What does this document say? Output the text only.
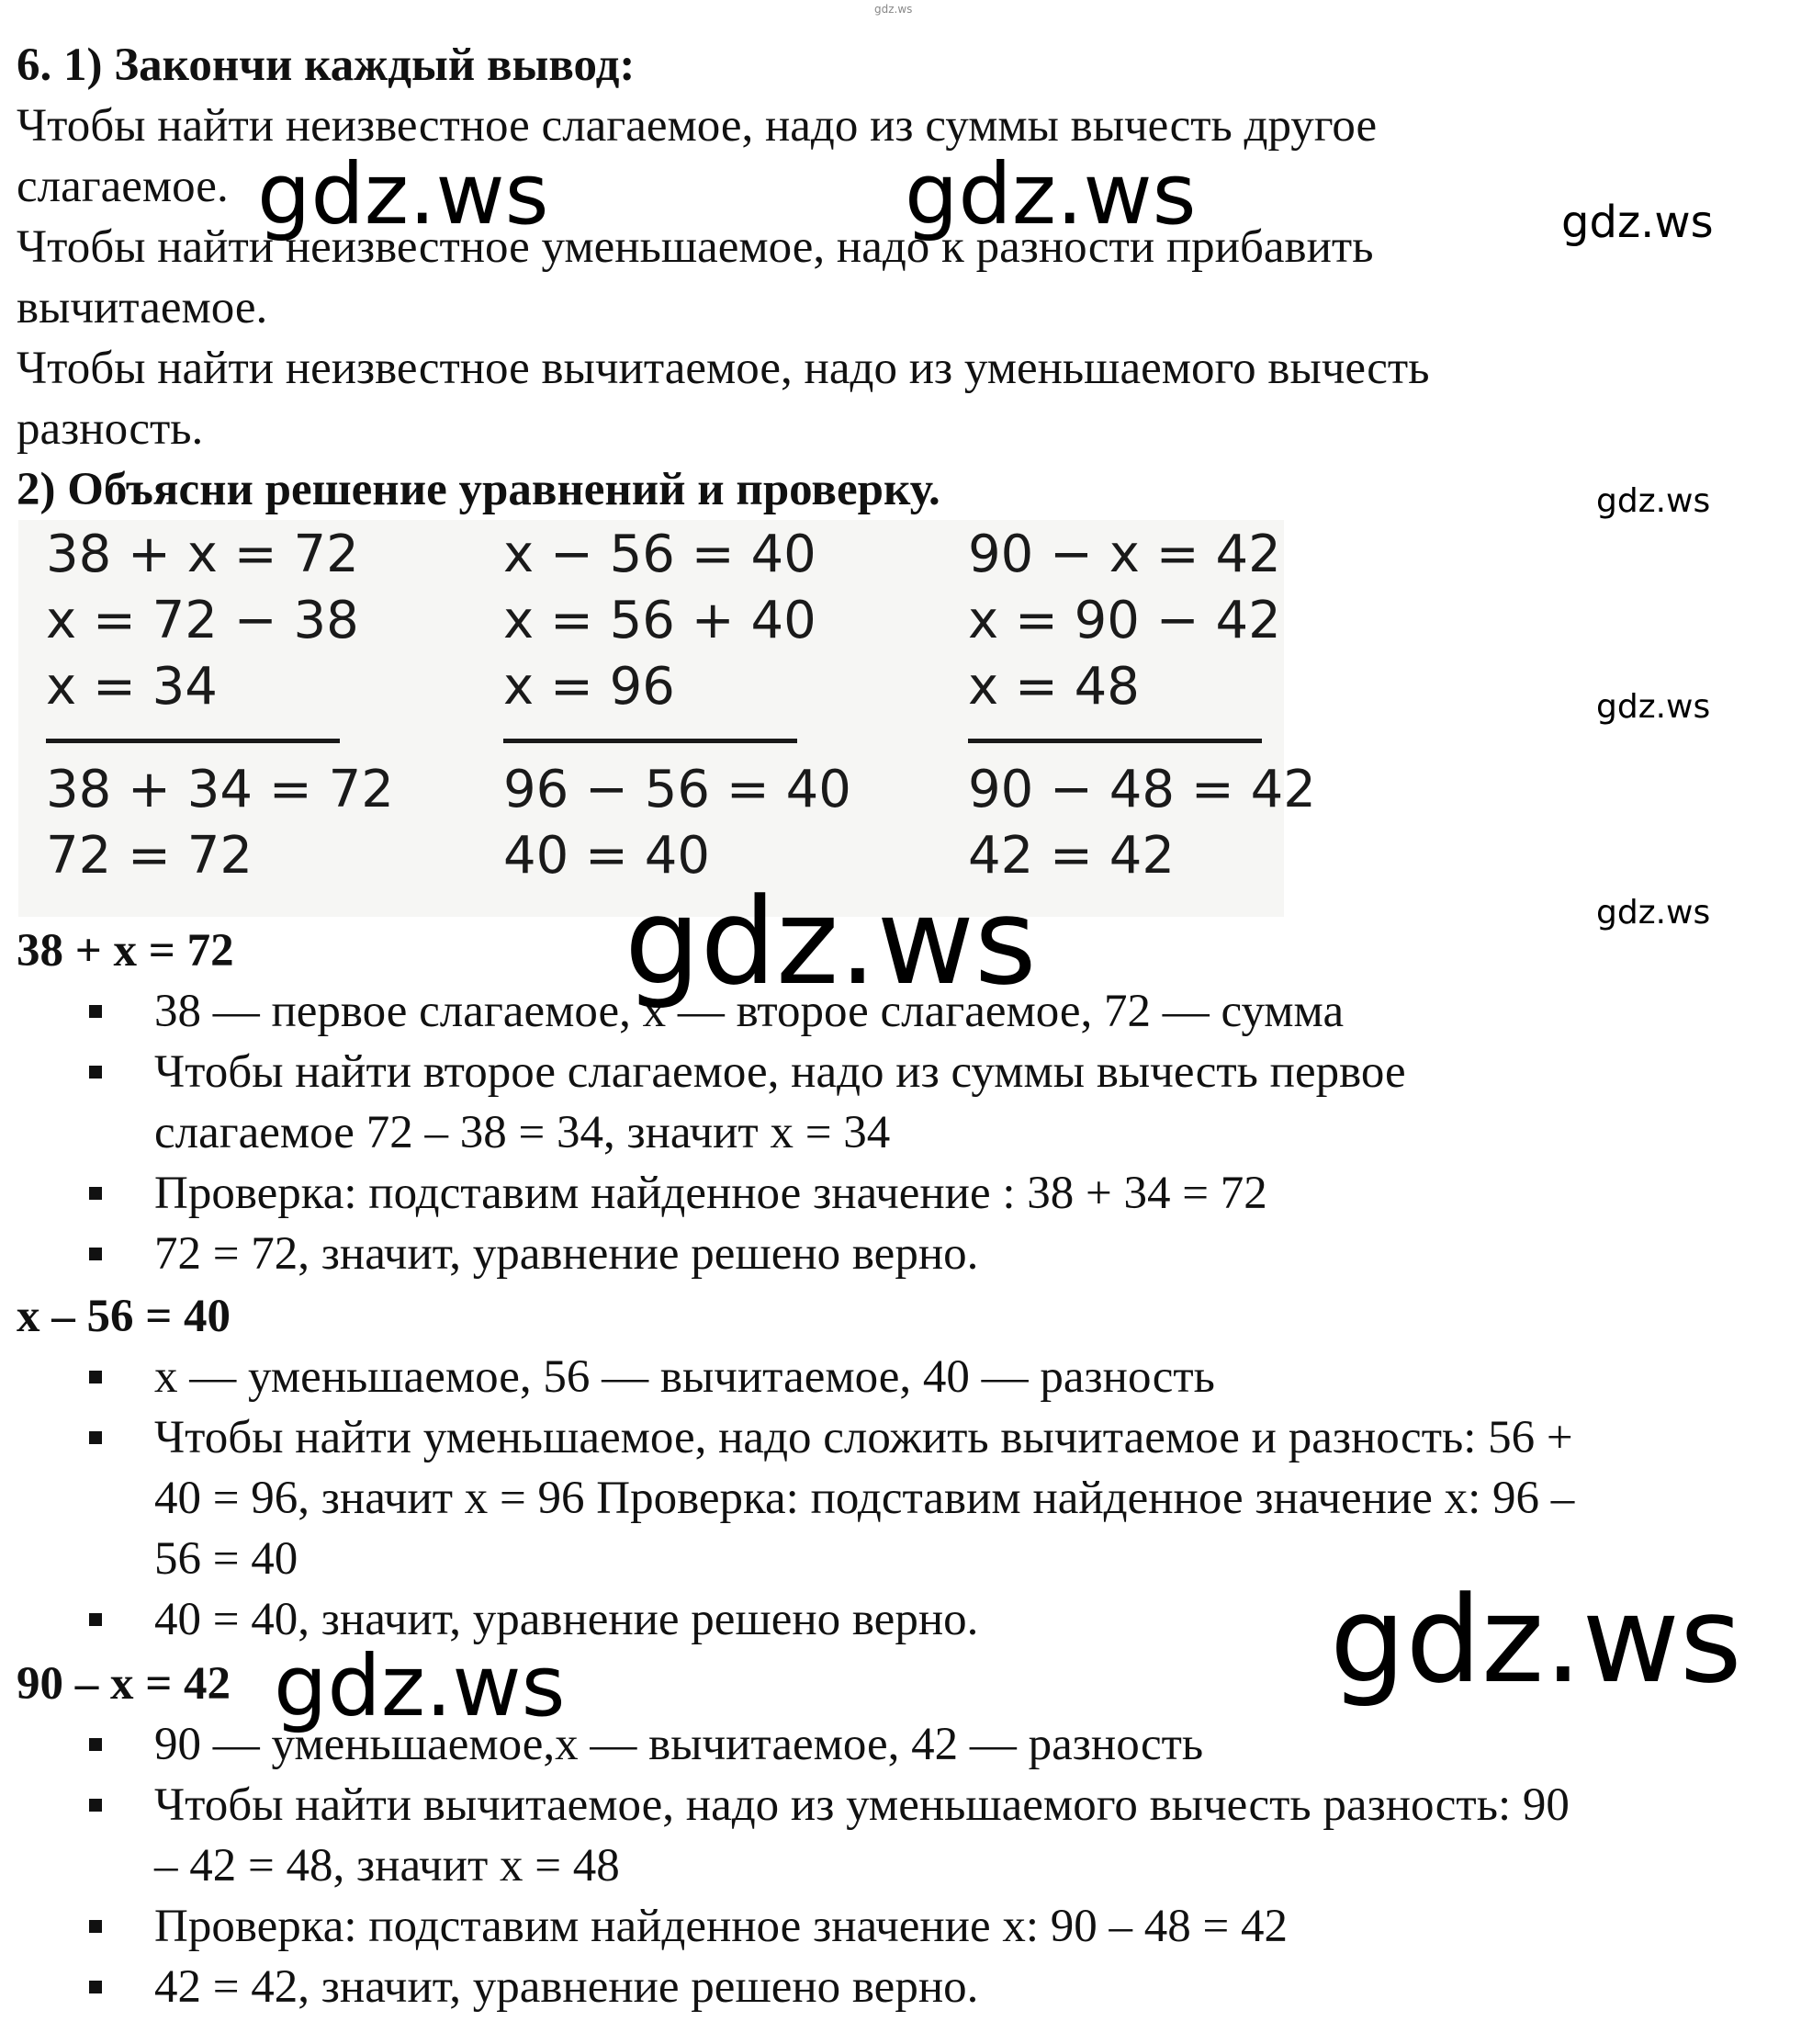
gdz.ws
6. 1) Закончи каждый вывод:
Чтобы найти неизвестное слагаемое, надо из суммы вычесть другое
слагаемое.
Чтобы найти неизвестное уменьшаемое, надо к разности прибавить
вычитаемое.
Чтобы найти неизвестное вычитаемое, надо из уменьшаемого вычесть
разность.
2) Объясни решение уравнений и проверку.
38 + x = 72
x = 72 − 38
x = 34
38 + 34 = 72
72 = 72
x − 56 = 40
x = 56 + 40
x = 96
96 − 56 = 40
40 = 40
90 − x = 42
x = 90 − 42
x = 48
90 − 48 = 42
42 = 42
38 + x = 72
38 — первое слагаемое, x — второе слагаемое, 72 — сумма
Чтобы найти второе слагаемое, надо из суммы вычесть первое
слагаемое 72 – 38 = 34, значит x = 34
Проверка: подставим найденное значение : 38 + 34 = 72
72 = 72, значит, уравнение решено верно.
x – 56 = 40
x — уменьшаемое, 56 — вычитаемое, 40 — разность
Чтобы найти уменьшаемое, надо сложить вычитаемое и разность: 56 +
40 = 96, значит x = 96 Проверка: подставим найденное значение x: 96 –
56 = 40
40 = 40, значит, уравнение решено верно.
90 – x = 42
90 — уменьшаемое,x — вычитаемое, 42 — разность
Чтобы найти вычитаемое, надо из уменьшаемого вычесть разность: 90
– 42 = 48, значит x = 48
Проверка: подставим найденное значение x: 90 – 48 = 42
42 = 42, значит, уравнение решено верно.
gdz.ws	gdz.ws	gdz.ws
gdz.ws
gdz.ws
gdz.ws
gdz.ws
gdz.ws
gdz.ws
